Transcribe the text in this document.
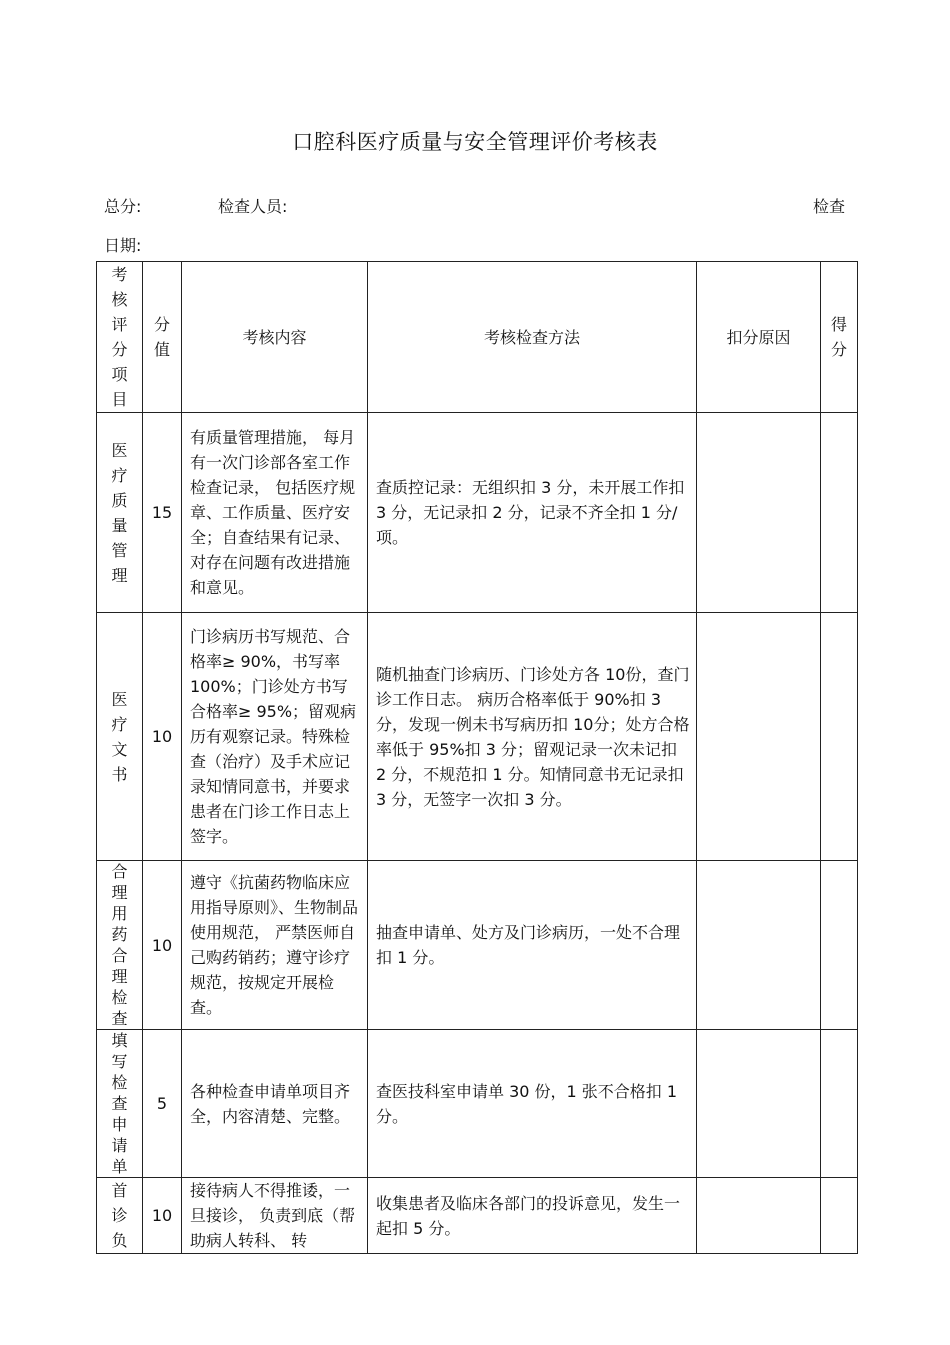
口腔科医疗质量与安全管理评价考核表
总分:	检查人员:	检查
日期:
考核评分项目	分值	考核内容	考核检查方法	扣分原因	得分

医疗质量管理	15	有质量管理措施， 每月有一次门诊部各室工作检查记录， 包括医疗规章、工作质量、医疗安全；自查结果有记录、 对存在问题有改进措施和意见。	查质控记录：无组织扣 3 分，未开展工作扣 3 分，无记录扣 2 分，记录不齐全扣 1 分/项。		

医疗文书	10	门诊病历书写规范、合格率≥ 90%，书写率 100%；门诊处方书写合格率≥ 95%；留观病历有观察记录。特殊检查（治疗）及手术应记录知情同意书，并要求患者在门诊工作日志上签字。	随机抽查门诊病历、门诊处方各 10份，查门诊工作日志。 病历合格率低于 90%扣 3 分，发现一例未书写病历扣 10分；处方合格率低于 95%扣 3 分；留观记录一次未记扣 2 分，不规范扣 1 分。知情同意书无记录扣 3 分，无签字一次扣 3 分。		

合理用药合理检查	10	遵守《抗菌药物临床应用指导原则》、生物制品使用规范， 严禁医师自己购药销药；遵守诊疗规范，按规定开展检查。	抽查申请单、处方及门诊病历，一处不合理扣 1 分。		

填写检查申请单	5	各种检查申请单项目齐全，内容清楚、完整。	查医技科室申请单 30 份，1 张不合格扣 1 分。		

首诊负	10	接待病人不得推诿，一旦接诊， 负责到底（帮助病人转科、 转	收集患者及临床各部门的投诉意见，发生一起扣 5 分。		
